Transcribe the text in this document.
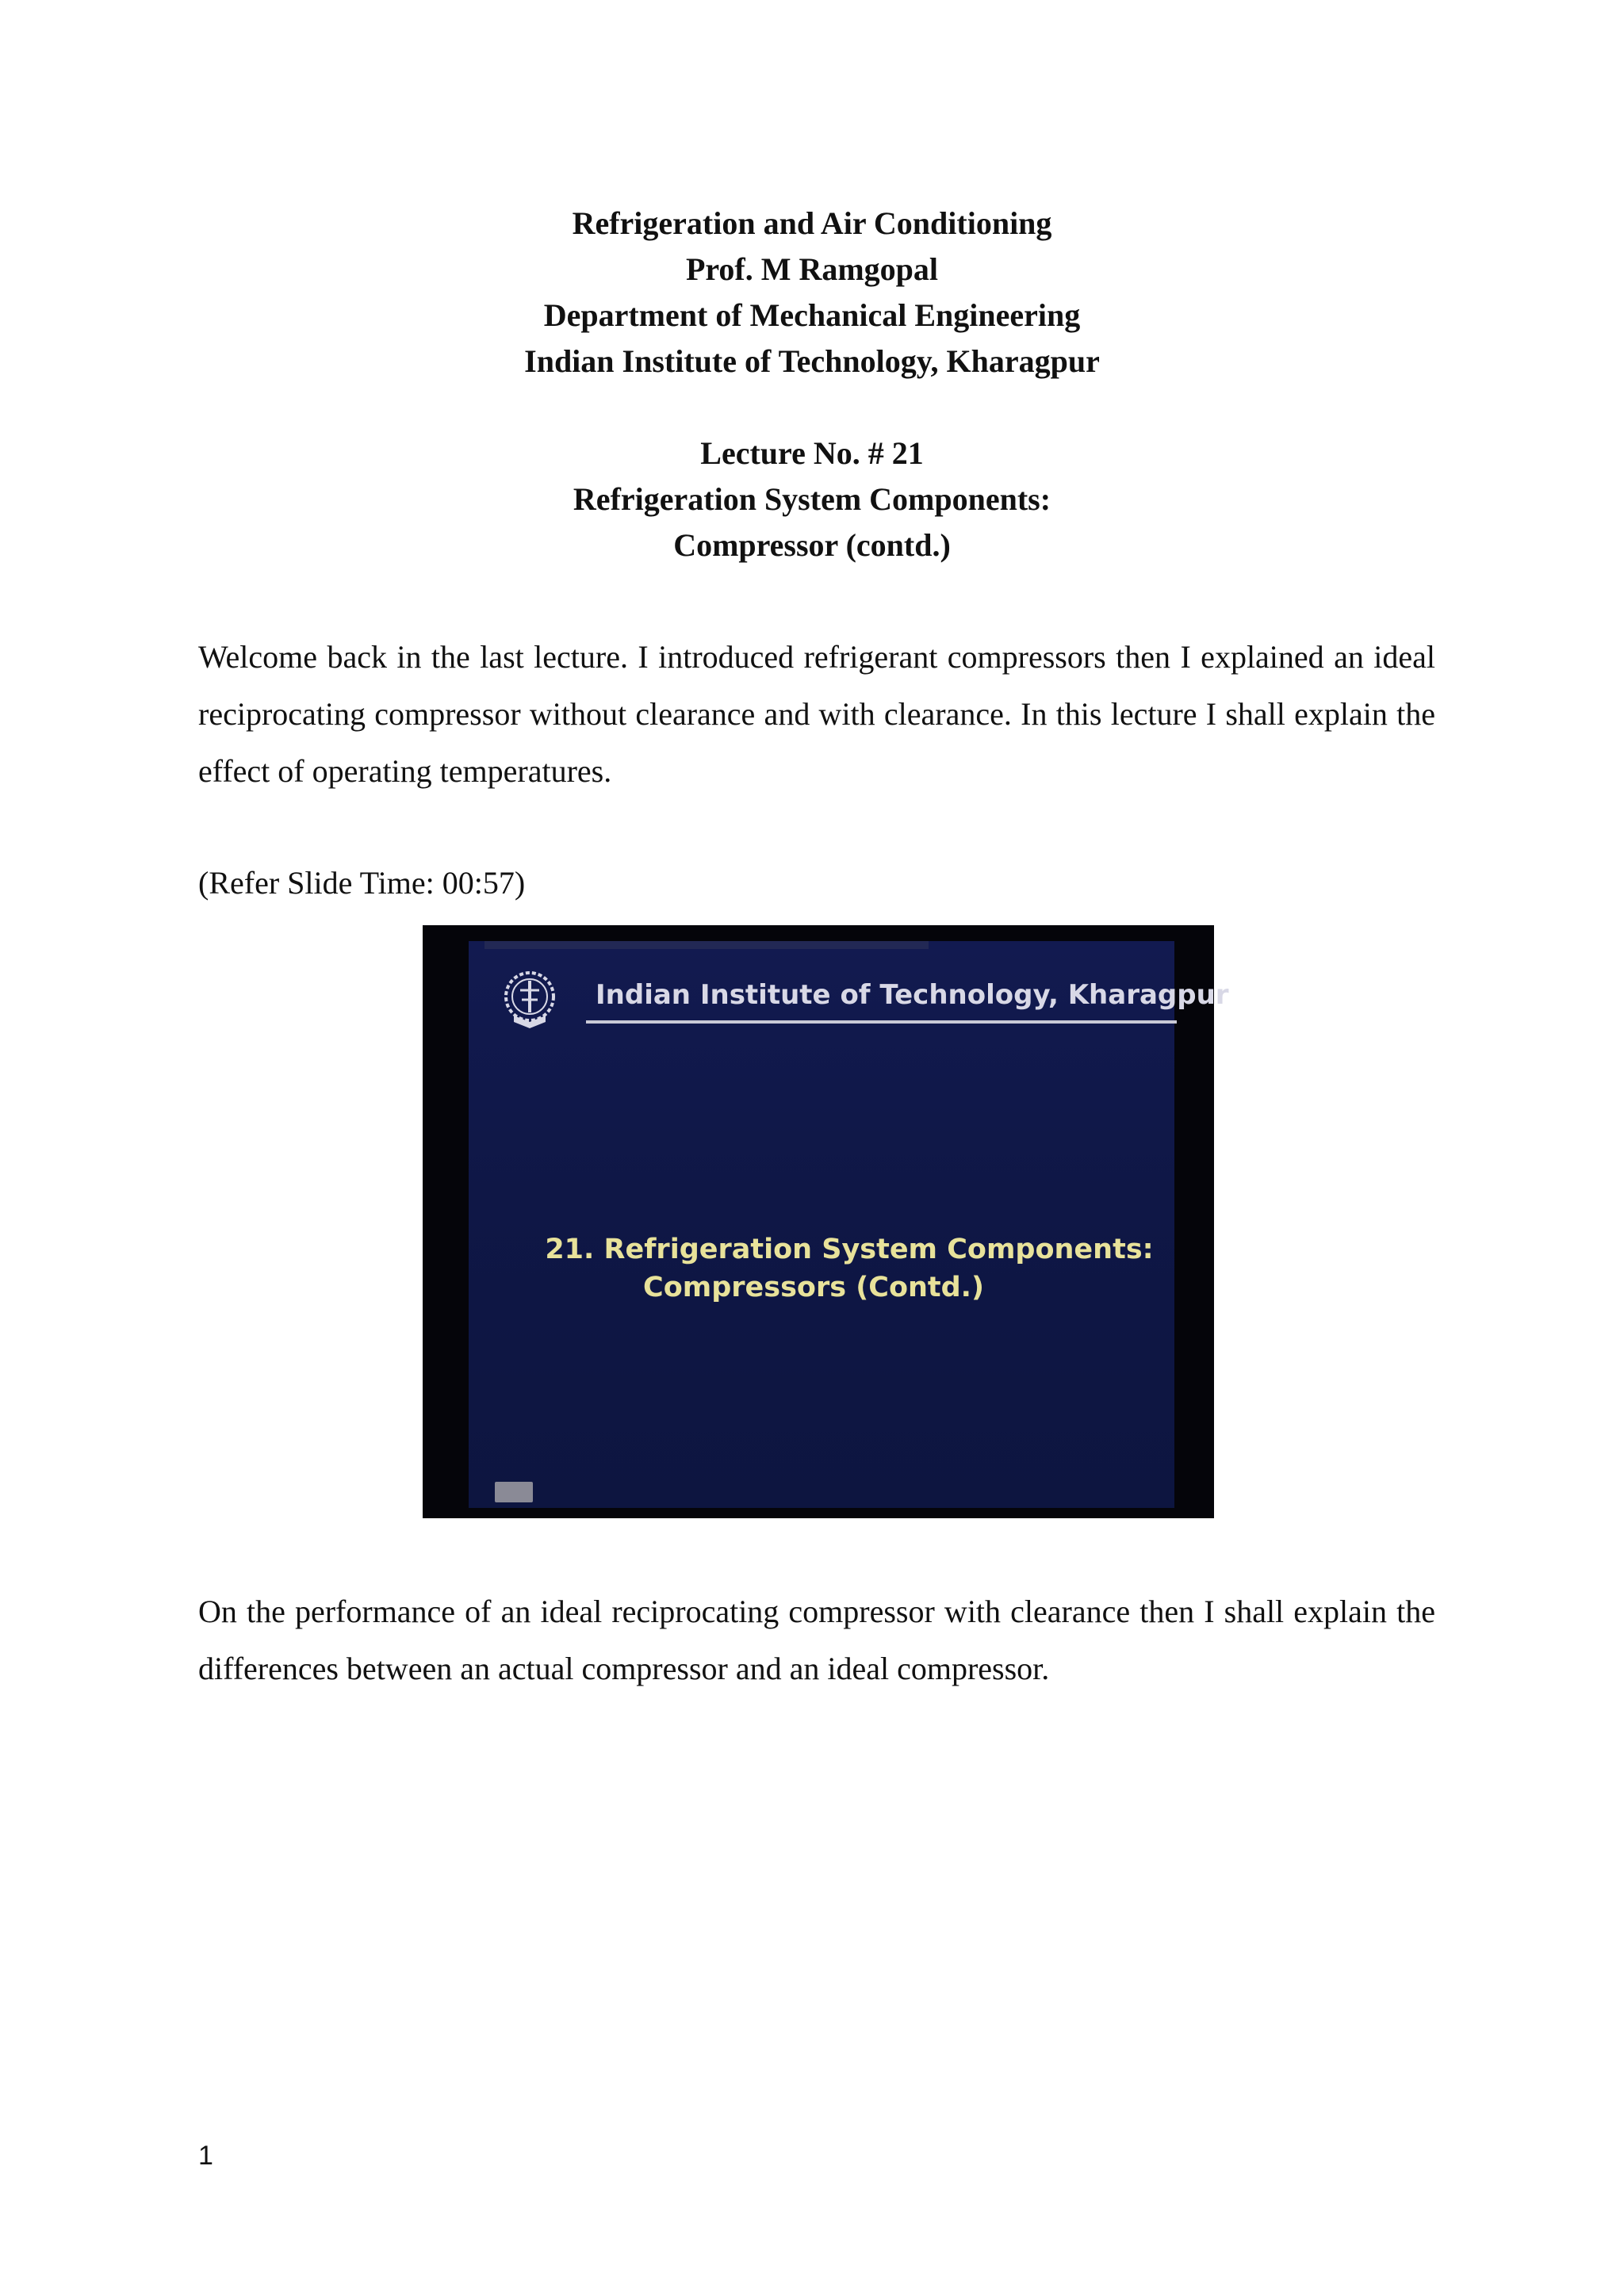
Refrigeration and Air Conditioning
Prof. M Ramgopal
Department of Mechanical Engineering
Indian Institute of Technology, Kharagpur
Lecture No. # 21
Refrigeration System Components:
Compressor (contd.)

Welcome back in the last lecture. I introduced refrigerant compressors then I explained an ideal reciprocating compressor without clearance and with clearance. In this lecture I shall explain the effect of operating temperatures.

(Refer Slide Time: 00:57)
Indian Institute of Technology, Kharagpur
21. Refrigeration System Components:
Compressors (Contd.)

On the performance of an ideal reciprocating compressor with clearance then I shall explain the differences between an actual compressor and an ideal compressor.

1
